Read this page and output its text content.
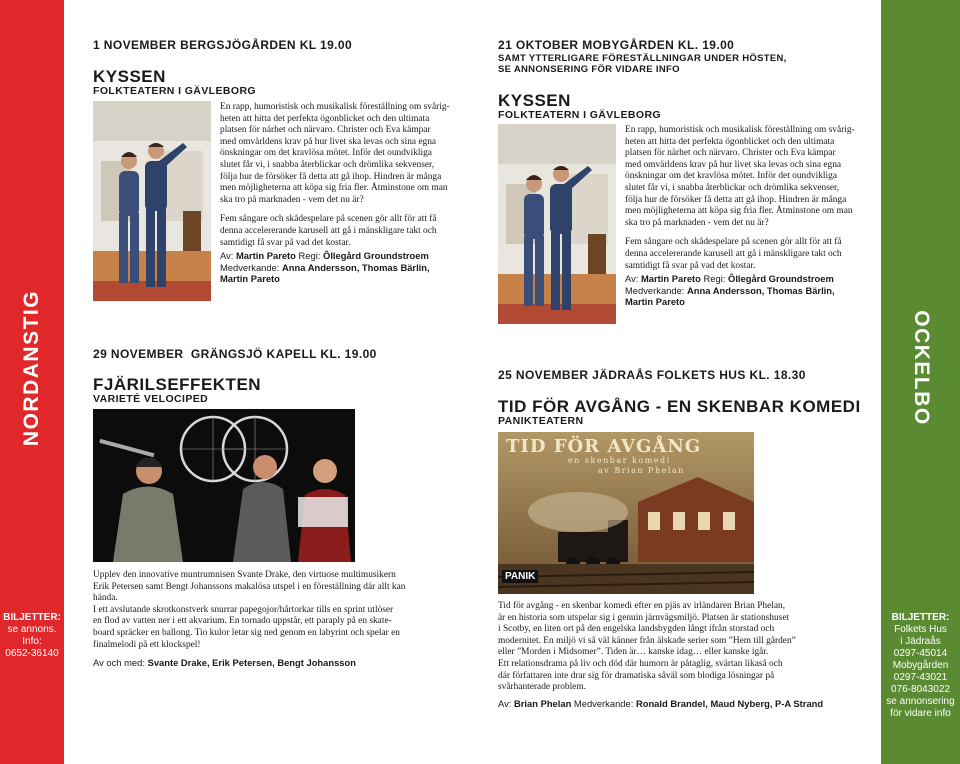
NORDANSTIG	OCKELBO
BILJETTER:
se annons.
Info:
0652-36140
BILJETTER:
Folkets Hus
i Jädraås
0297-45014
Mobygården
0297-43021
076-8043022
se annonsering
för vidare info
1 NOVEMBER BERGSJÖGÅRDEN KL 19.00
KYSSEN
FOLKTEATERN I GÄVLEBORG
En rapp, humoristisk och musikalisk föreställning om svårig-
heten att hitta det perfekta ögonblicket och den ultimata
platsen för närhet och närvaro. Christer och Eva kämpar
med omvärldens krav på hur livet ska levas och sina egna
önskningar om det kravlösa mötet. Inför det oundvikliga
slutet får vi, i snabba återblickar och drömlika sekvenser,
följa hur de försöker få detta att gå ihop. Hindren är många
men möjligheterna att köpa sig fria fler. Åtminstone om man
ska tro på marknaden - vem det nu är?
Fem sångare och skådespelare på scenen gör allt för att få
denna accelererande karusell att gå i mänskligare takt och
samtidigt få svar på vad det kostar.
Av: Martin Pareto Regi: Ôllegård Groundstroem
Medverkande: Anna Andersson, Thomas Bärlin,
Martin Pareto
29 NOVEMBER  GRÄNGSJÖ KAPELL KL. 19.00
FJÄRILSEFFEKTEN
VARIETÉ VELOCIPED
Upplev den innovative muntrumnisen Svante Drake, den virtuose multimusikern
Erik Petersen samt Bengt Johanssons makalösa utspel i en föreställning där allt kan
hända.
I ett avslutande skrotkonstverk snurrar papegojor/hårtorkar tills en sprint utlöser
en flod av vatten ner i ett akvarium. En tornado uppstår, ett paraply på en skate-
board spräcker en ballong. Tio kulor letar sig ned genom en labyrint och spelar en
finalmelodi på ett klockspel!
Av och med: Svante Drake, Erik Petersen, Bengt Johansson
21 OKTOBER MOBYGÅRDEN KL. 19.00
SAMT YTTERLIGARE FÖRESTÄLLNINGAR UNDER HÖSTEN,
SE ANNONSERING FÖR VIDARE INFO
KYSSEN
FOLKTEATERN I GÄVLEBORG
En rapp, humoristisk och musikalisk föreställning om svårig-
heten att hitta det perfekta ögonblicket och den ultimata
platsen för närhet och närvaro. Christer och Eva kämpar
med omvärldens krav på hur livet ska levas och sina egna
önskningar om det kravlösa mötet. Inför det oundvikliga
slutet får vi, i snabba återblickar och drömlika sekvenser,
följa hur de försöker få detta att gå ihop. Hindren är många
men möjligheterna att köpa sig fria fler. Åtminstone om man
ska tro på marknaden - vem det nu är?
Fem sångare och skådespelare på scenen gör allt för att få
denna accelererande karusell att gå i mänskligare takt och
samtidigt få svar på vad det kostar.
Av: Martin Pareto Regi: Ôllegård Groundstroem
Medverkande: Anna Andersson, Thomas Bärlin,
Martin Pareto
25 NOVEMBER JÄDRAÅS FOLKETS HUS KL. 18.30
TID FÖR AVGÅNG - EN SKENBAR KOMEDI
PANIKTEATERN
TID FÖR AVGÅNG
en skenbar komedi
av Brian Phelan
PANIK
Tid för avgång - en skenbar komedi efter en pjäs av irländaren Brian Phelan,
är en historia som utspelar sig i genuin järnvägsmiljö. Platsen är stationshuset
i Scotby, en liten ort på den engelska landsbygden långt ifrån storstad och
modernitet. En miljö vi så väl känner från älskade serier som ”Hem till gården”
eller ”Morden i Midsomer”. Tiden är… kanske idag… eller kanske igår.
Ett relationsdrama på liv och död där humorn är påtaglig, svärtan likaså och
där författaren inte drar sig för dramatiska såväl som blodiga lösningar på
svårhanterade problem.
Av: Brian Phelan Medverkande: Ronald Brandel, Maud Nyberg, P-A Strand
